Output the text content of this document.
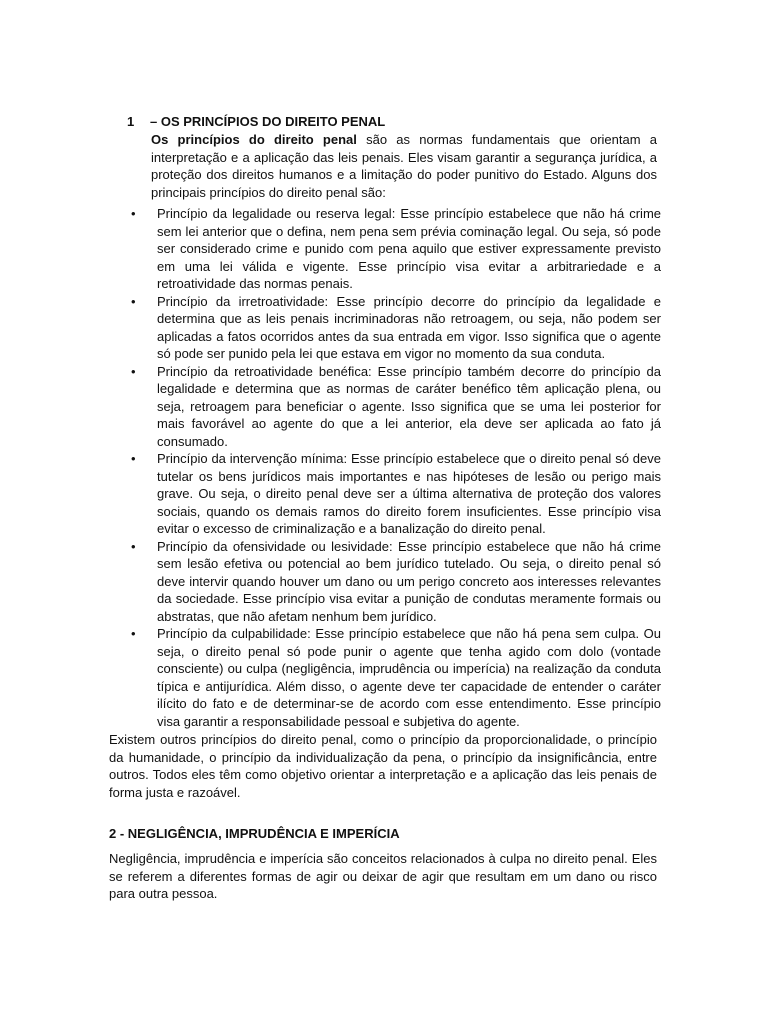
1 – OS PRINCÍPIOS DO DIREITO PENAL
Os princípios do direito penal são as normas fundamentais que orientam a interpretação e a aplicação das leis penais. Eles visam garantir a segurança jurídica, a proteção dos direitos humanos e a limitação do poder punitivo do Estado. Alguns dos principais princípios do direito penal são:
• Princípio da legalidade ou reserva legal: Esse princípio estabelece que não há crime sem lei anterior que o defina, nem pena sem prévia cominação legal. Ou seja, só pode ser considerado crime e punido com pena aquilo que estiver expressamente previsto em uma lei válida e vigente. Esse princípio visa evitar a arbitrariedade e a retroatividade das normas penais.
• Princípio da irretroatividade: Esse princípio decorre do princípio da legalidade e determina que as leis penais incriminadoras não retroagem, ou seja, não podem ser aplicadas a fatos ocorridos antes da sua entrada em vigor. Isso significa que o agente só pode ser punido pela lei que estava em vigor no momento da sua conduta.
• Princípio da retroatividade benéfica: Esse princípio também decorre do princípio da legalidade e determina que as normas de caráter benéfico têm aplicação plena, ou seja, retroagem para beneficiar o agente. Isso significa que se uma lei posterior for mais favorável ao agente do que a lei anterior, ela deve ser aplicada ao fato já consumado.
• Princípio da intervenção mínima: Esse princípio estabelece que o direito penal só deve tutelar os bens jurídicos mais importantes e nas hipóteses de lesão ou perigo mais grave. Ou seja, o direito penal deve ser a última alternativa de proteção dos valores sociais, quando os demais ramos do direito forem insuficientes. Esse princípio visa evitar o excesso de criminalização e a banalização do direito penal.
• Princípio da ofensividade ou lesividade: Esse princípio estabelece que não há crime sem lesão efetiva ou potencial ao bem jurídico tutelado. Ou seja, o direito penal só deve intervir quando houver um dano ou um perigo concreto aos interesses relevantes da sociedade. Esse princípio visa evitar a punição de condutas meramente formais ou abstratas, que não afetam nenhum bem jurídico.
• Princípio da culpabilidade: Esse princípio estabelece que não há pena sem culpa. Ou seja, o direito penal só pode punir o agente que tenha agido com dolo (vontade consciente) ou culpa (negligência, imprudência ou imperícia) na realização da conduta típica e antijurídica. Além disso, o agente deve ter capacidade de entender o caráter ilícito do fato e de determinar-se de acordo com esse entendimento. Esse princípio visa garantir a responsabilidade pessoal e subjetiva do agente.

Existem outros princípios do direito penal, como o princípio da proporcionalidade, o princípio da humanidade, o princípio da individualização da pena, o princípio da insignificância, entre outros. Todos eles têm como objetivo orientar a interpretação e a aplicação das leis penais de forma justa e razoável.

2 - NEGLIGÊNCIA, IMPRUDÊNCIA E IMPERÍCIA

Negligência, imprudência e imperícia são conceitos relacionados à culpa no direito penal. Eles se referem a diferentes formas de agir ou deixar de agir que resultam em um dano ou risco para outra pessoa.
